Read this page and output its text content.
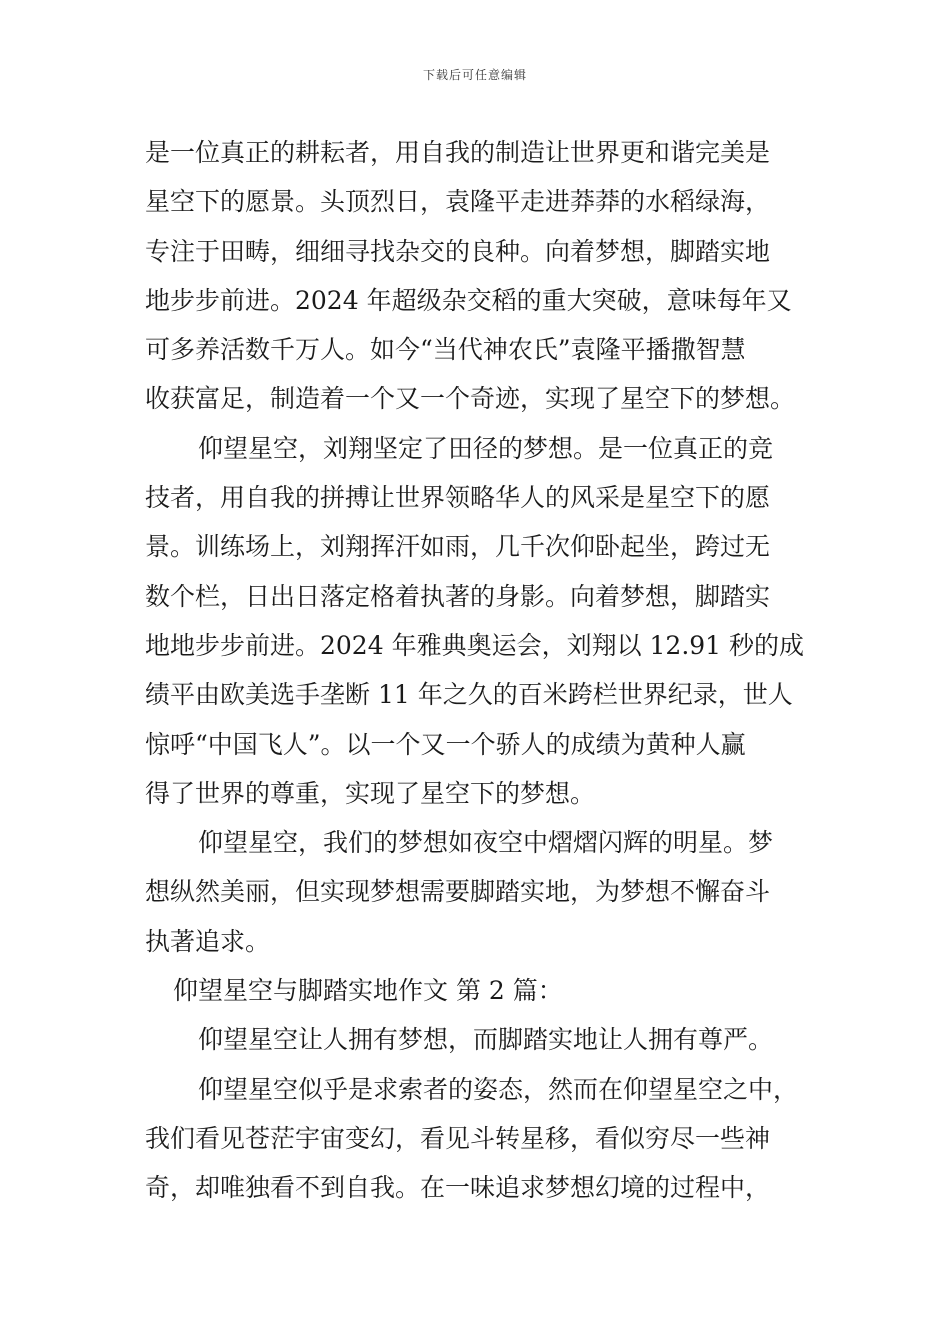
下载后可任意编辑
是一位真正的耕耘者，用自我的制造让世界更和谐完美是
星空下的愿景。头顶烈日，袁隆平走进莽莽的水稻绿海，
专注于田畴，细细寻找杂交的良种。向着梦想，脚踏实地
地步步前进。2024 年超级杂交稻的重大突破，意味每年又
可多养活数千万人。如今“当代神农氏”袁隆平播撒智慧
收获富足，制造着一个又一个奇迹，实现了星空下的梦想。
仰望星空，刘翔坚定了田径的梦想。是一位真正的竞
技者，用自我的拼搏让世界领略华人的风采是星空下的愿
景。训练场上，刘翔挥汗如雨，几千次仰卧起坐，跨过无
数个栏，日出日落定格着执著的身影。向着梦想，脚踏实
地地步步前进。2024 年雅典奥运会，刘翔以 12.91 秒的成
绩平由欧美选手垄断 11 年之久的百米跨栏世界纪录，世人
惊呼“中国飞人”。以一个又一个骄人的成绩为黄种人赢
得了世界的尊重，实现了星空下的梦想。
仰望星空，我们的梦想如夜空中熠熠闪辉的明星。梦
想纵然美丽，但实现梦想需要脚踏实地，为梦想不懈奋斗
执著追求。
仰望星空与脚踏实地作文 第 2 篇：
仰望星空让人拥有梦想，而脚踏实地让人拥有尊严。
仰望星空似乎是求索者的姿态，然而在仰望星空之中，
我们看见苍茫宇宙变幻，看见斗转星移，看似穷尽一些神
奇，却唯独看不到自我。在一味追求梦想幻境的过程中，
